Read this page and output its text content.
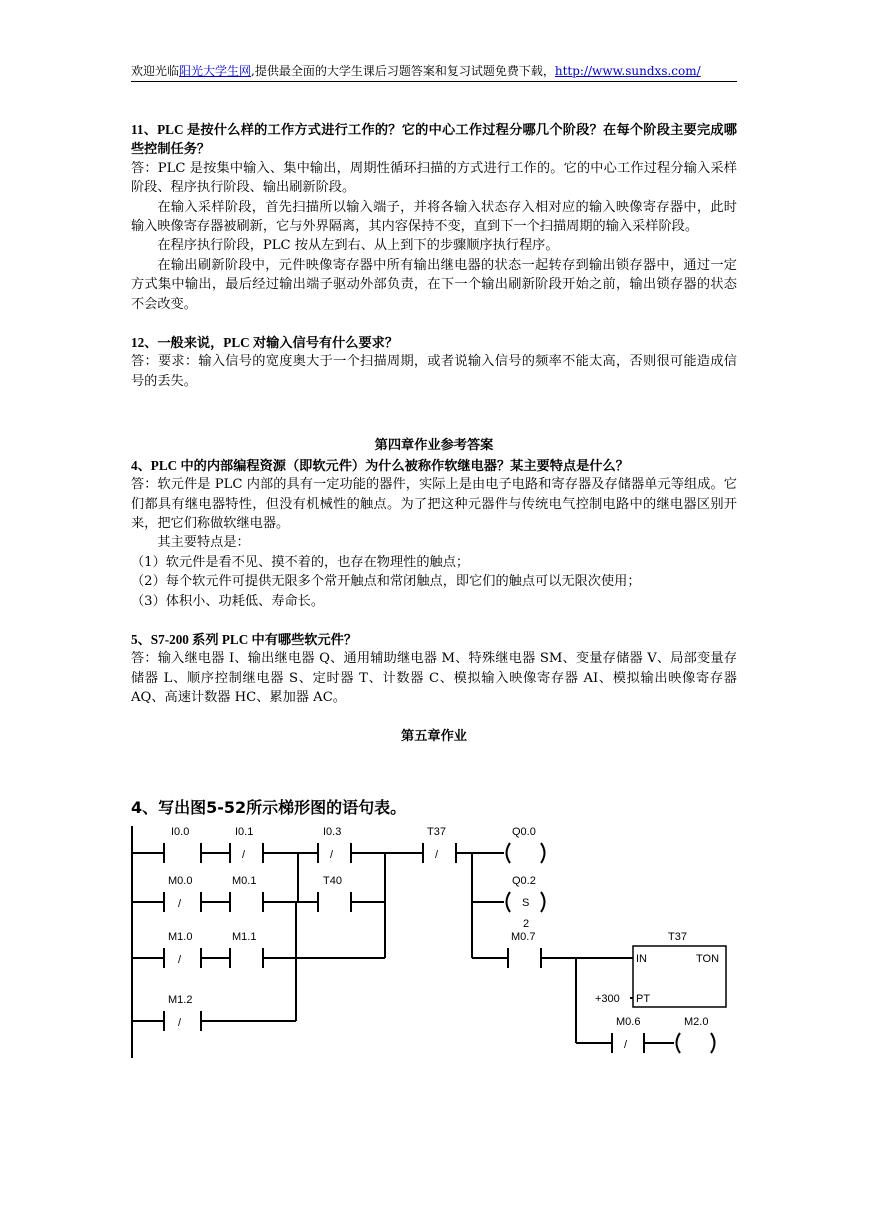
欢迎光临阳光大学生网,提供最全面的大学生课后习题答案和复习试题免费下载，http://www.sundxs.com/

11、PLC 是按什么样的工作方式进行工作的？它的中心工作过程分哪几个阶段？在每个阶段主要完成哪些控制任务？

答：PLC 是按集中输入、集中输出，周期性循环扫描的方式进行工作的。它的中心工作过程分输入采样阶段、程序执行阶段、输出刷新阶段。

在输入采样阶段，首先扫描所以输入端子，并将各输入状态存入相对应的输入映像寄存器中，此时输入映像寄存器被刷新，它与外界隔离，其内容保持不变，直到下一个扫描周期的输入采样阶段。

在程序执行阶段，PLC 按从左到右、从上到下的步骤顺序执行程序。

在输出刷新阶段中，元件映像寄存器中所有输出继电器的状态一起转存到输出锁存器中，通过一定方式集中输出，最后经过输出端子驱动外部负责，在下一个输出刷新阶段开始之前，输出锁存器的状态不会改变。

12、一般来说，PLC 对输入信号有什么要求？

答：要求：输入信号的宽度奥大于一个扫描周期，或者说输入信号的频率不能太高，否则很可能造成信号的丢失。

第四章作业参考答案

4、PLC 中的内部编程资源（即软元件）为什么被称作软继电器？某主要特点是什么？

答：软元件是 PLC 内部的具有一定功能的器件，实际上是由电子电路和寄存器及存储器单元等组成。它们都具有继电器特性，但没有机械性的触点。为了把这种元器件与传统电气控制电路中的继电器区别开来，把它们称做软继电器。

其主要特点是：

（1）软元件是看不见、摸不着的，也存在物理性的触点；

（2）每个软元件可提供无限多个常开触点和常闭触点，即它们的触点可以无限次使用；

（3）体积小、功耗低、寿命长。

5、S7-200 系列 PLC 中有哪些软元件？

答：输入继电器 I、输出继电器 Q、通用辅助继电器 M、特殊继电器 SM、变量存储器 V、局部变量存储器 L、顺序控制继电器 S、定时器 T、计数器 C、模拟输入映像寄存器 AI、模拟输出映像寄存器 AQ、高速计数器 HC、累加器 AC。

第五章作业

4、写出图5-52所示梯形图的语句表。
/	/	/
/
/
/
/
I0.0	I0.1	I0.3	T37	Q0.0
M0.0	M0.1	T40	Q0.2
S
2
M1.0	M1.1	M0.7	T37
IN	TON
PT
+300
M1.2
M0.6	M2.0
